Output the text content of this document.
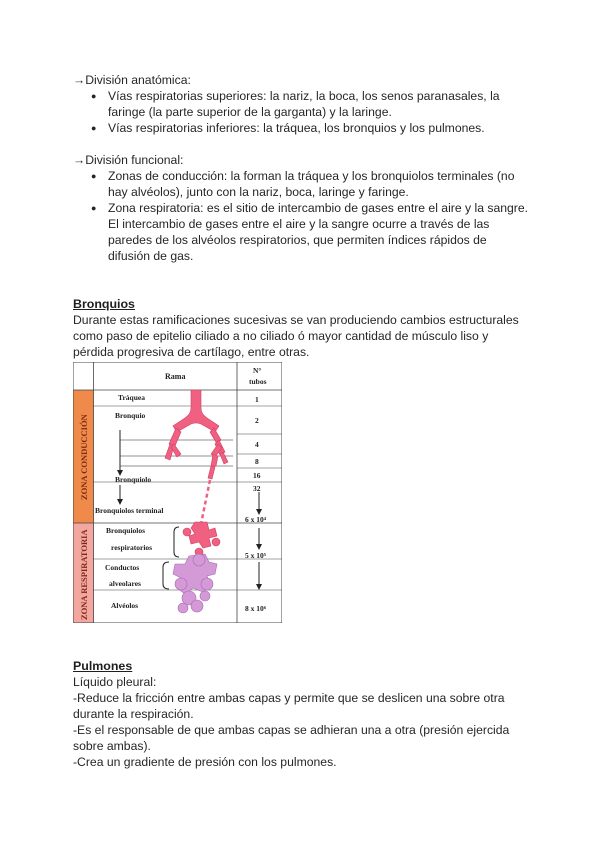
→División anatómica:
● Vías respiratorias superiores: la nariz, la boca, los senos paranasales, la
faringe (la parte superior de la garganta) y la laringe.
● Vías respiratorias inferiores: la tráquea, los bronquios y los pulmones.
→División funcional:
● Zonas de conducción: la forman la tráquea y los bronquiolos terminales (no
hay alvéolos), junto con la nariz, boca, laringe y faringe.
● Zona respiratoria: es el sitio de intercambio de gases entre el aire y la sangre.
El intercambio de gases entre el aire y la sangre ocurre a través de las
paredes de los alvéolos respiratorios, que permiten índices rápidos de
difusión de gas.
Bronquios
Durante estas ramificaciones sucesivas se van produciendo cambios estructurales
como paso de epitelio ciliado a no ciliado ó mayor cantidad de músculo liso y
pérdida progresiva de cartílago, entre otras.
Rama
N°
tubos
ZONA CONDUCCIÓN
ZONA RESPIRATORIA
Tráquea
Bronquio
Bronquiolo
Bronquiolos terminal
Bronquiolos
respiratorios
Conductos
alveolares
Alvéolos
1
2
4
8
16
32
6 x 10⁴
5 x 10⁵
8 x 10⁶
Pulmones
Líquido pleural:
-Reduce la fricción entre ambas capas y permite que se deslicen una sobre otra
durante la respiración.
-Es el responsable de que ambas capas se adhieran una a otra (presión ejercida
sobre ambas).
-Crea un gradiente de presión con los pulmones.
